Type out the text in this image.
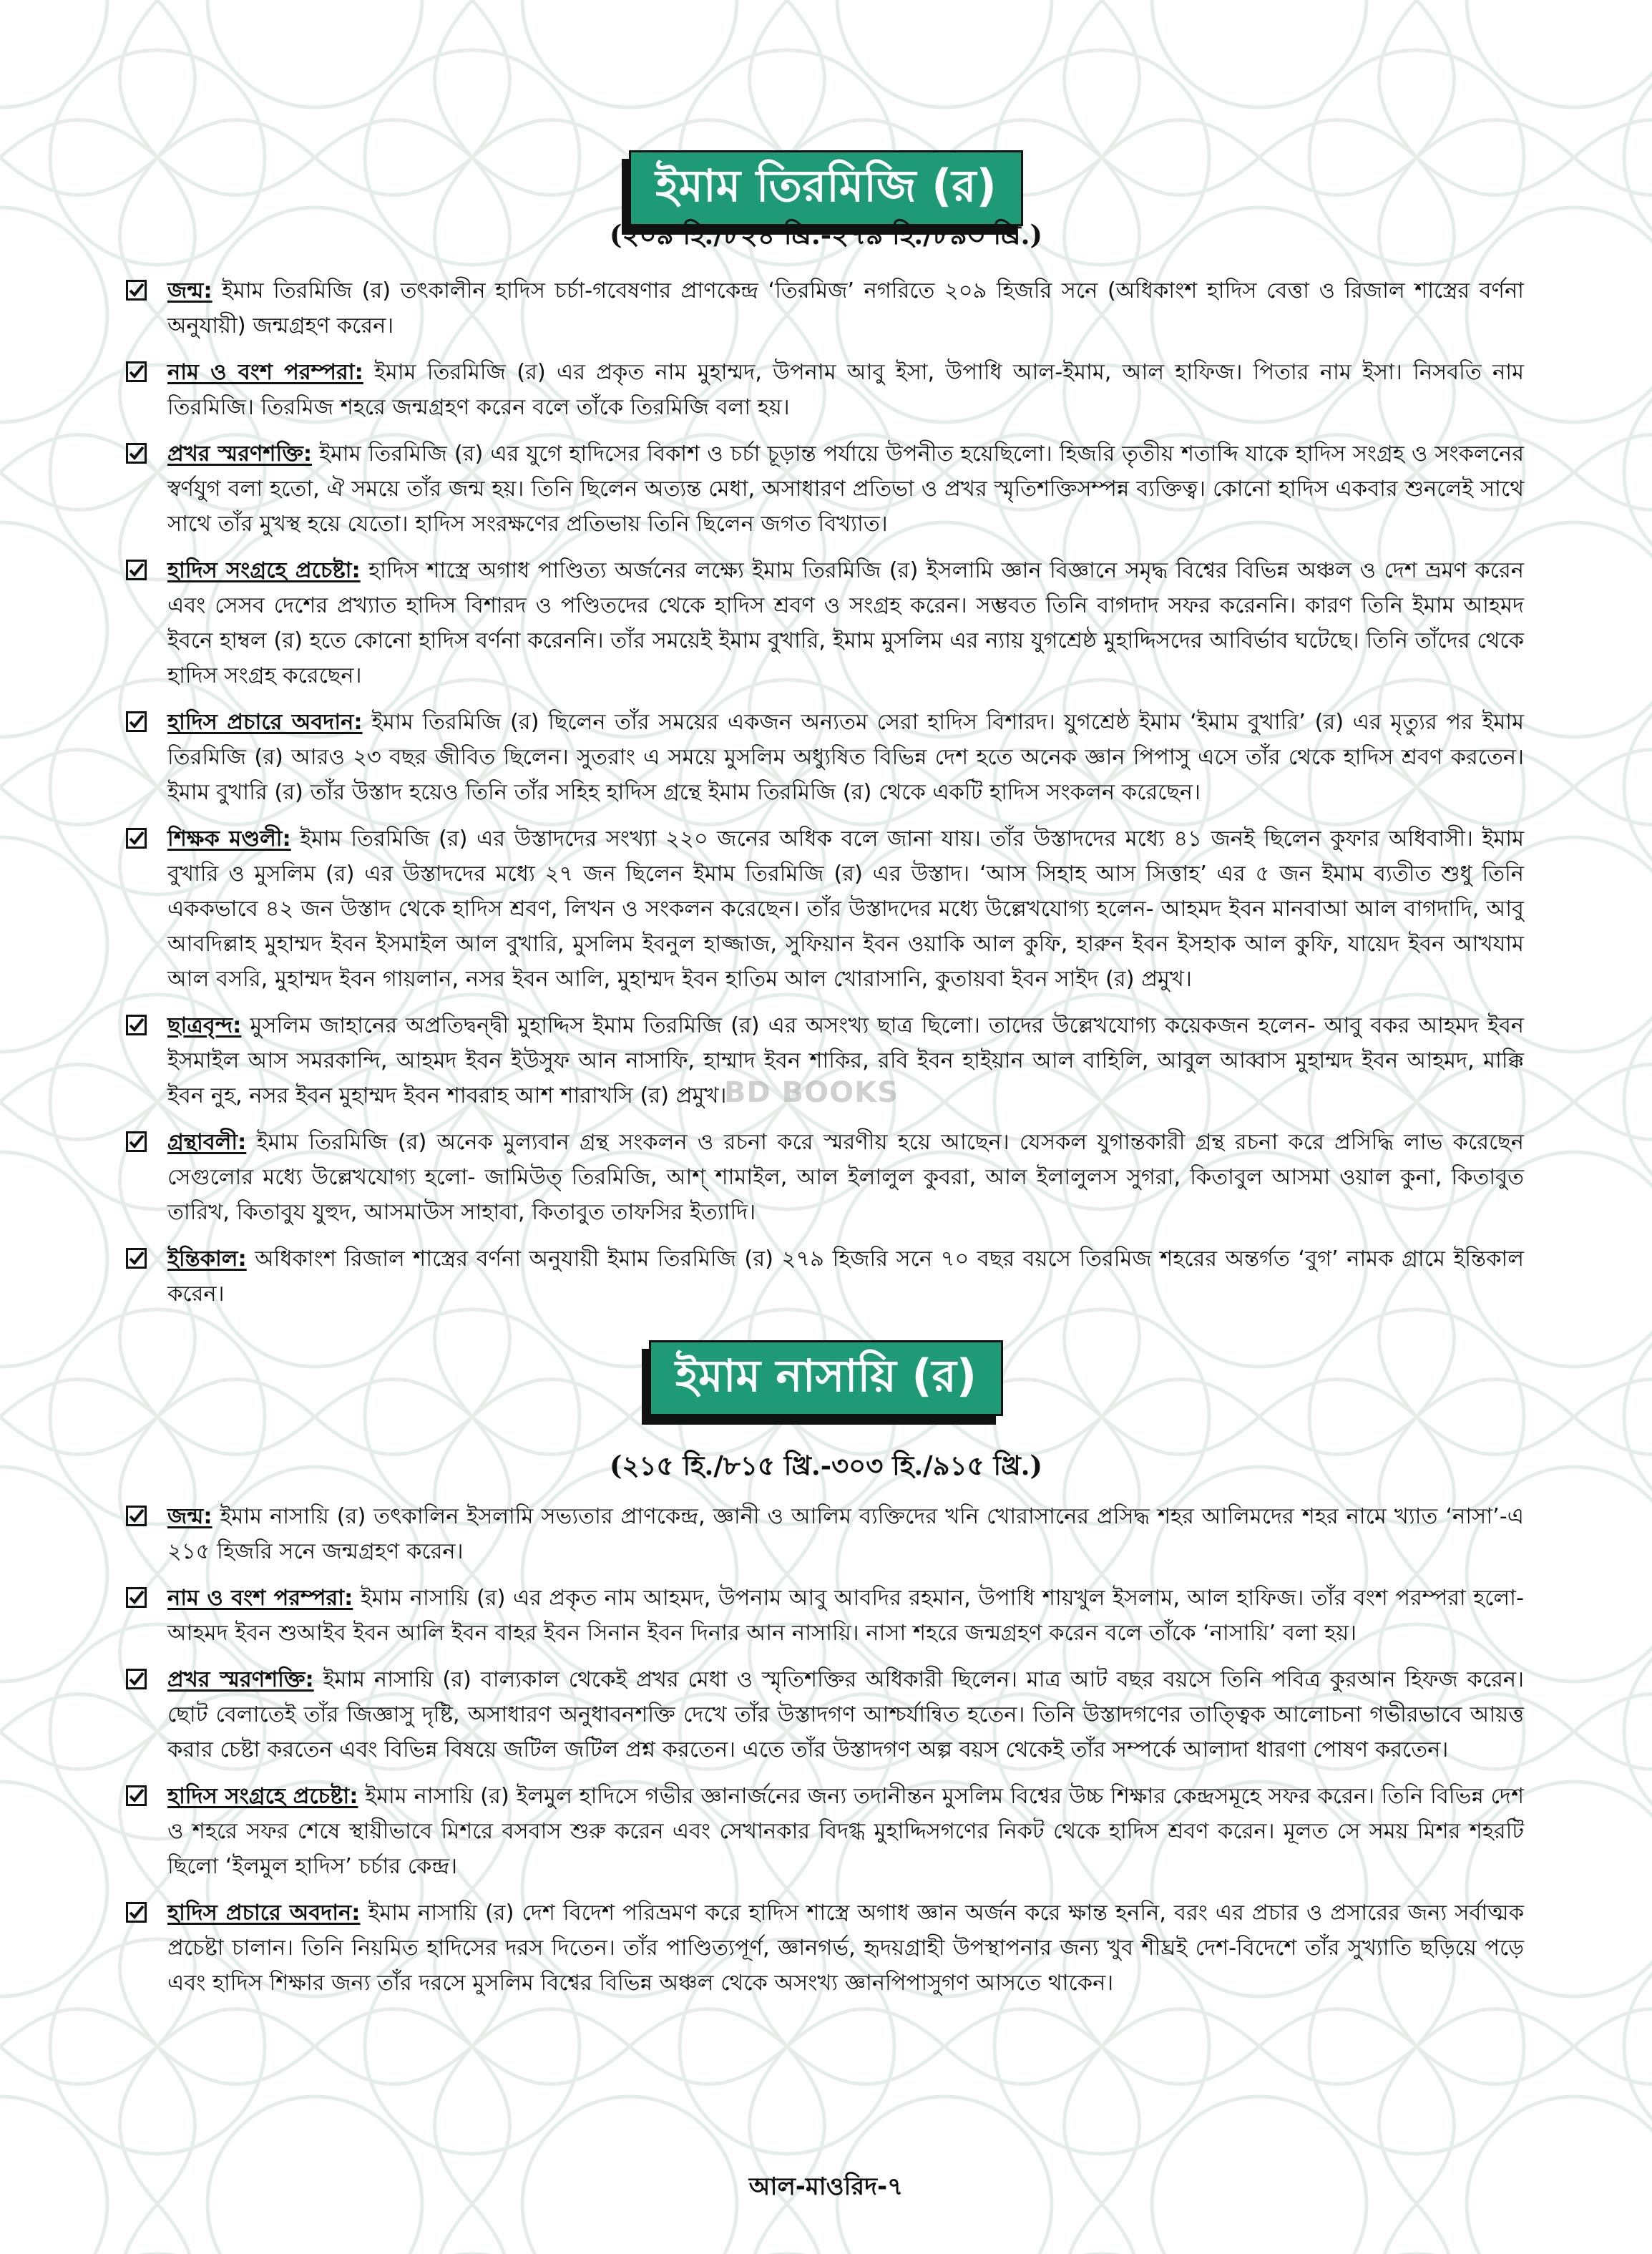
ইমাম তিরমিজি (র)
(২০৯ হি./৮২৪ খ্রি.-২৭৯ হি./৮৯৩ খ্রি.)

জন্ম: ইমাম তিরমিজি (র) তৎকালীন হাদিস চর্চা-গবেষণার প্রাণকেন্দ্র ‘তিরমিজ’ নগরিতে ২০৯ হিজরি সনে (অধিকাংশ হাদিস বেত্তা ও রিজাল শাস্ত্রের বর্ণনা অনুযায়ী) জন্মগ্রহণ করেন।

নাম ও বংশ পরম্পরা: ইমাম তিরমিজি (র) এর প্রকৃত নাম মুহাম্মদ, উপনাম আবু ইসা, উপাধি আল-ইমাম, আল হাফিজ। পিতার নাম ইসা। নিসবতি নাম তিরমিজি। তিরমিজ শহরে জন্মগ্রহণ করেন বলে তাঁকে তিরমিজি বলা হয়।

প্রখর স্মরণশক্তি: ইমাম তিরমিজি (র) এর যুগে হাদিসের বিকাশ ও চর্চা চূড়ান্ত পর্যায়ে উপনীত হয়েছিলো। হিজরি তৃতীয় শতাব্দি যাকে হাদিস সংগ্রহ ও সংকলনের স্বর্ণযুগ বলা হতো, ঐ সময়ে তাঁর জন্ম হয়। তিনি ছিলেন অত্যন্ত মেধা, অসাধারণ প্রতিভা ও প্রখর স্মৃতিশক্তিসম্পন্ন ব্যক্তিত্ব। কোনো হাদিস একবার শুনলেই সাথে সাথে তাঁর মুখস্থ হয়ে যেতো। হাদিস সংরক্ষণের প্রতিভায় তিনি ছিলেন জগত বিখ্যাত।

হাদিস সংগ্রহে প্রচেষ্টা: হাদিস শাস্ত্রে অগাধ পাণ্ডিত্য অর্জনের লক্ষ্যে ইমাম তিরমিজি (র) ইসলামি জ্ঞান বিজ্ঞানে সমৃদ্ধ বিশ্বের বিভিন্ন অঞ্চল ও দেশ ভ্রমণ করেন এবং সেসব দেশের প্রখ্যাত হাদিস বিশারদ ও পণ্ডিতদের থেকে হাদিস শ্রবণ ও সংগ্রহ করেন। সম্ভবত তিনি বাগদাদ সফর করেননি। কারণ তিনি ইমাম আহমদ ইবনে হাম্বল (র) হতে কোনো হাদিস বর্ণনা করেননি। তাঁর সময়েই ইমাম বুখারি, ইমাম মুসলিম এর ন্যায় যুগশ্রেষ্ঠ মুহাদ্দিসদের আবির্ভাব ঘটেছে। তিনি তাঁদের থেকে হাদিস সংগ্রহ করেছেন।

হাদিস প্রচারে অবদান: ইমাম তিরমিজি (র) ছিলেন তাঁর সময়ের একজন অন্যতম সেরা হাদিস বিশারদ। যুগশ্রেষ্ঠ ইমাম ‘ইমাম বুখারি’ (র) এর মৃত্যুর পর ইমাম তিরমিজি (র) আরও ২৩ বছর জীবিত ছিলেন। সুতরাং এ সময়ে মুসলিম অধ্যুষিত বিভিন্ন দেশ হতে অনেক জ্ঞান পিপাসু এসে তাঁর থেকে হাদিস শ্রবণ করতেন। ইমাম বুখারি (র) তাঁর উস্তাদ হয়েও তিনি তাঁর সহিহ হাদিস গ্রন্থে ইমাম তিরমিজি (র) থেকে একটি হাদিস সংকলন করেছেন।

শিক্ষক মণ্ডলী: ইমাম তিরমিজি (র) এর উস্তাদদের সংখ্যা ২২০ জনের অধিক বলে জানা যায়। তাঁর উস্তাদদের মধ্যে ৪১ জনই ছিলেন কুফার অধিবাসী। ইমাম বুখারি ও মুসলিম (র) এর উস্তাদদের মধ্যে ২৭ জন ছিলেন ইমাম তিরমিজি (র) এর উস্তাদ। ‘আস সিহাহ আস সিত্তাহ’ এর ৫ জন ইমাম ব্যতীত শুধু তিনি এককভাবে ৪২ জন উস্তাদ থেকে হাদিস শ্রবণ, লিখন ও সংকলন করেছেন। তাঁর উস্তাদদের মধ্যে উল্লেখযোগ্য হলেন- আহমদ ইবন মানবাআ আল বাগদাদি, আবু আবদিল্লাহ মুহাম্মদ ইবন ইসমাইল আল বুখারি, মুসলিম ইবনুল হাজ্জাজ, সুফিয়ান ইবন ওয়াকি আল কুফি, হারুন ইবন ইসহাক আল কুফি, যায়েদ ইবন আখযাম আল বসরি, মুহাম্মদ ইবন গায়লান, নসর ইবন আলি, মুহাম্মদ ইবন হাতিম আল খোরাসানি, কুতায়বা ইবন সাইদ (র) প্রমুখ।

ছাত্রবৃন্দ: মুসলিম জাহানের অপ্রতিদ্বন্দ্বী মুহাদ্দিস ইমাম তিরমিজি (র) এর অসংখ্য ছাত্র ছিলো। তাদের উল্লেখযোগ্য কয়েকজন হলেন- আবু বকর আহমদ ইবন ইসমাইল আস সমরকান্দি, আহমদ ইবন ইউসুফ আন নাসাফি, হাম্মাদ ইবন শাকির, রবি ইবন হাইয়ান আল বাহিলি, আবুল আব্বাস মুহাম্মদ ইবন আহমদ, মাক্কি ইবন নুহ, নসর ইবন মুহাম্মদ ইবন শাবরাহ আশ শারাখসি (র) প্রমুখ।

গ্রন্থাবলী: ইমাম তিরমিজি (র) অনেক মুল্যবান গ্রন্থ সংকলন ও রচনা করে স্মরণীয় হয়ে আছেন। যেসকল যুগান্তকারী গ্রন্থ রচনা করে প্রসিদ্ধি লাভ করেছেন সেগুলোর মধ্যে উল্লেখযোগ্য হলো- জামিউত্ তিরমিজি, আশ্ শামাইল, আল ইলালুল কুবরা, আল ইলালুলস সুগরা, কিতাবুল আসমা ওয়াল কুনা, কিতাবুত তারিখ, কিতাবুয যুহুদ, আসমাউস সাহাবা, কিতাবুত তাফসির ইত্যাদি।

ইন্তিকাল: অধিকাংশ রিজাল শাস্ত্রের বর্ণনা অনুযায়ী ইমাম তিরমিজি (র) ২৭৯ হিজরি সনে ৭০ বছর বয়সে তিরমিজ শহরের অন্তর্গত ‘বুগ’ নামক গ্রামে ইন্তিকাল করেন।

ইমাম নাসায়ি (র)
(২১৫ হি./৮১৫ খ্রি.-৩০৩ হি./৯১৫ খ্রি.)

জন্ম: ইমাম নাসায়ি (র) তৎকালিন ইসলামি সভ্যতার প্রাণকেন্দ্র, জ্ঞানী ও আলিম ব্যক্তিদের খনি খোরাসানের প্রসিদ্ধ শহর আলিমদের শহর নামে খ্যাত ‘নাসা’-এ ২১৫ হিজরি সনে জন্মগ্রহণ করেন।

নাম ও বংশ পরম্পরা: ইমাম নাসায়ি (র) এর প্রকৃত নাম আহমদ, উপনাম আবু আবদির রহমান, উপাধি শায়খুল ইসলাম, আল হাফিজ। তাঁর বংশ পরম্পরা হলো- আহমদ ইবন শুআইব ইবন আলি ইবন বাহর ইবন সিনান ইবন দিনার আন নাসায়ি। নাসা শহরে জন্মগ্রহণ করেন বলে তাঁকে ‘নাসায়ি’ বলা হয়।

প্রখর স্মরণশক্তি: ইমাম নাসায়ি (র) বাল্যকাল থেকেই প্রখর মেধা ও স্মৃতিশক্তির অধিকারী ছিলেন। মাত্র আট বছর বয়সে তিনি পবিত্র কুরআন হিফজ করেন। ছোট বেলাতেই তাঁর জিজ্ঞাসু দৃষ্টি, অসাধারণ অনুধাবনশক্তি দেখে তাঁর উস্তাদগণ আশ্চর্যান্বিত হতেন। তিনি উস্তাদগণের তাত্ত্বিক আলোচনা গভীরভাবে আয়ত্ত করার চেষ্টা করতেন এবং বিভিন্ন বিষয়ে জটিল জটিল প্রশ্ন করতেন। এতে তাঁর উস্তাদগণ অল্প বয়স থেকেই তাঁর সম্পর্কে আলাদা ধারণা পোষণ করতেন।

হাদিস সংগ্রহে প্রচেষ্টা: ইমাম নাসায়ি (র) ইলমুল হাদিসে গভীর জ্ঞানার্জনের জন্য তদানীন্তন মুসলিম বিশ্বের উচ্চ শিক্ষার কেন্দ্রসমূহে সফর করেন। তিনি বিভিন্ন দেশ ও শহরে সফর শেষে স্থায়ীভাবে মিশরে বসবাস শুরু করেন এবং সেখানকার বিদগ্ধ মুহাদ্দিসগণের নিকট থেকে হাদিস শ্রবণ করেন। মূলত সে সময় মিশর শহরটি ছিলো ‘ইলমুল হাদিস’ চর্চার কেন্দ্র।

হাদিস প্রচারে অবদান: ইমাম নাসায়ি (র) দেশ বিদেশ পরিভ্রমণ করে হাদিস শাস্ত্রে অগাধ জ্ঞান অর্জন করে ক্ষান্ত হননি, বরং এর প্রচার ও প্রসারের জন্য সর্বাত্মক প্রচেষ্টা চালান। তিনি নিয়মিত হাদিসের দরস দিতেন। তাঁর পাণ্ডিত্যপূর্ণ, জ্ঞানগর্ভ, হৃদয়গ্রাহী উপস্থাপনার জন্য খুব শীঘ্রই দেশ-বিদেশে তাঁর সুখ্যাতি ছড়িয়ে পড়ে এবং হাদিস শিক্ষার জন্য তাঁর দরসে মুসলিম বিশ্বের বিভিন্ন অঞ্চল থেকে অসংখ্য জ্ঞানপিপাসুগণ আসতে থাকেন।

BD BOOKS
আল-মাওরিদ-৭
